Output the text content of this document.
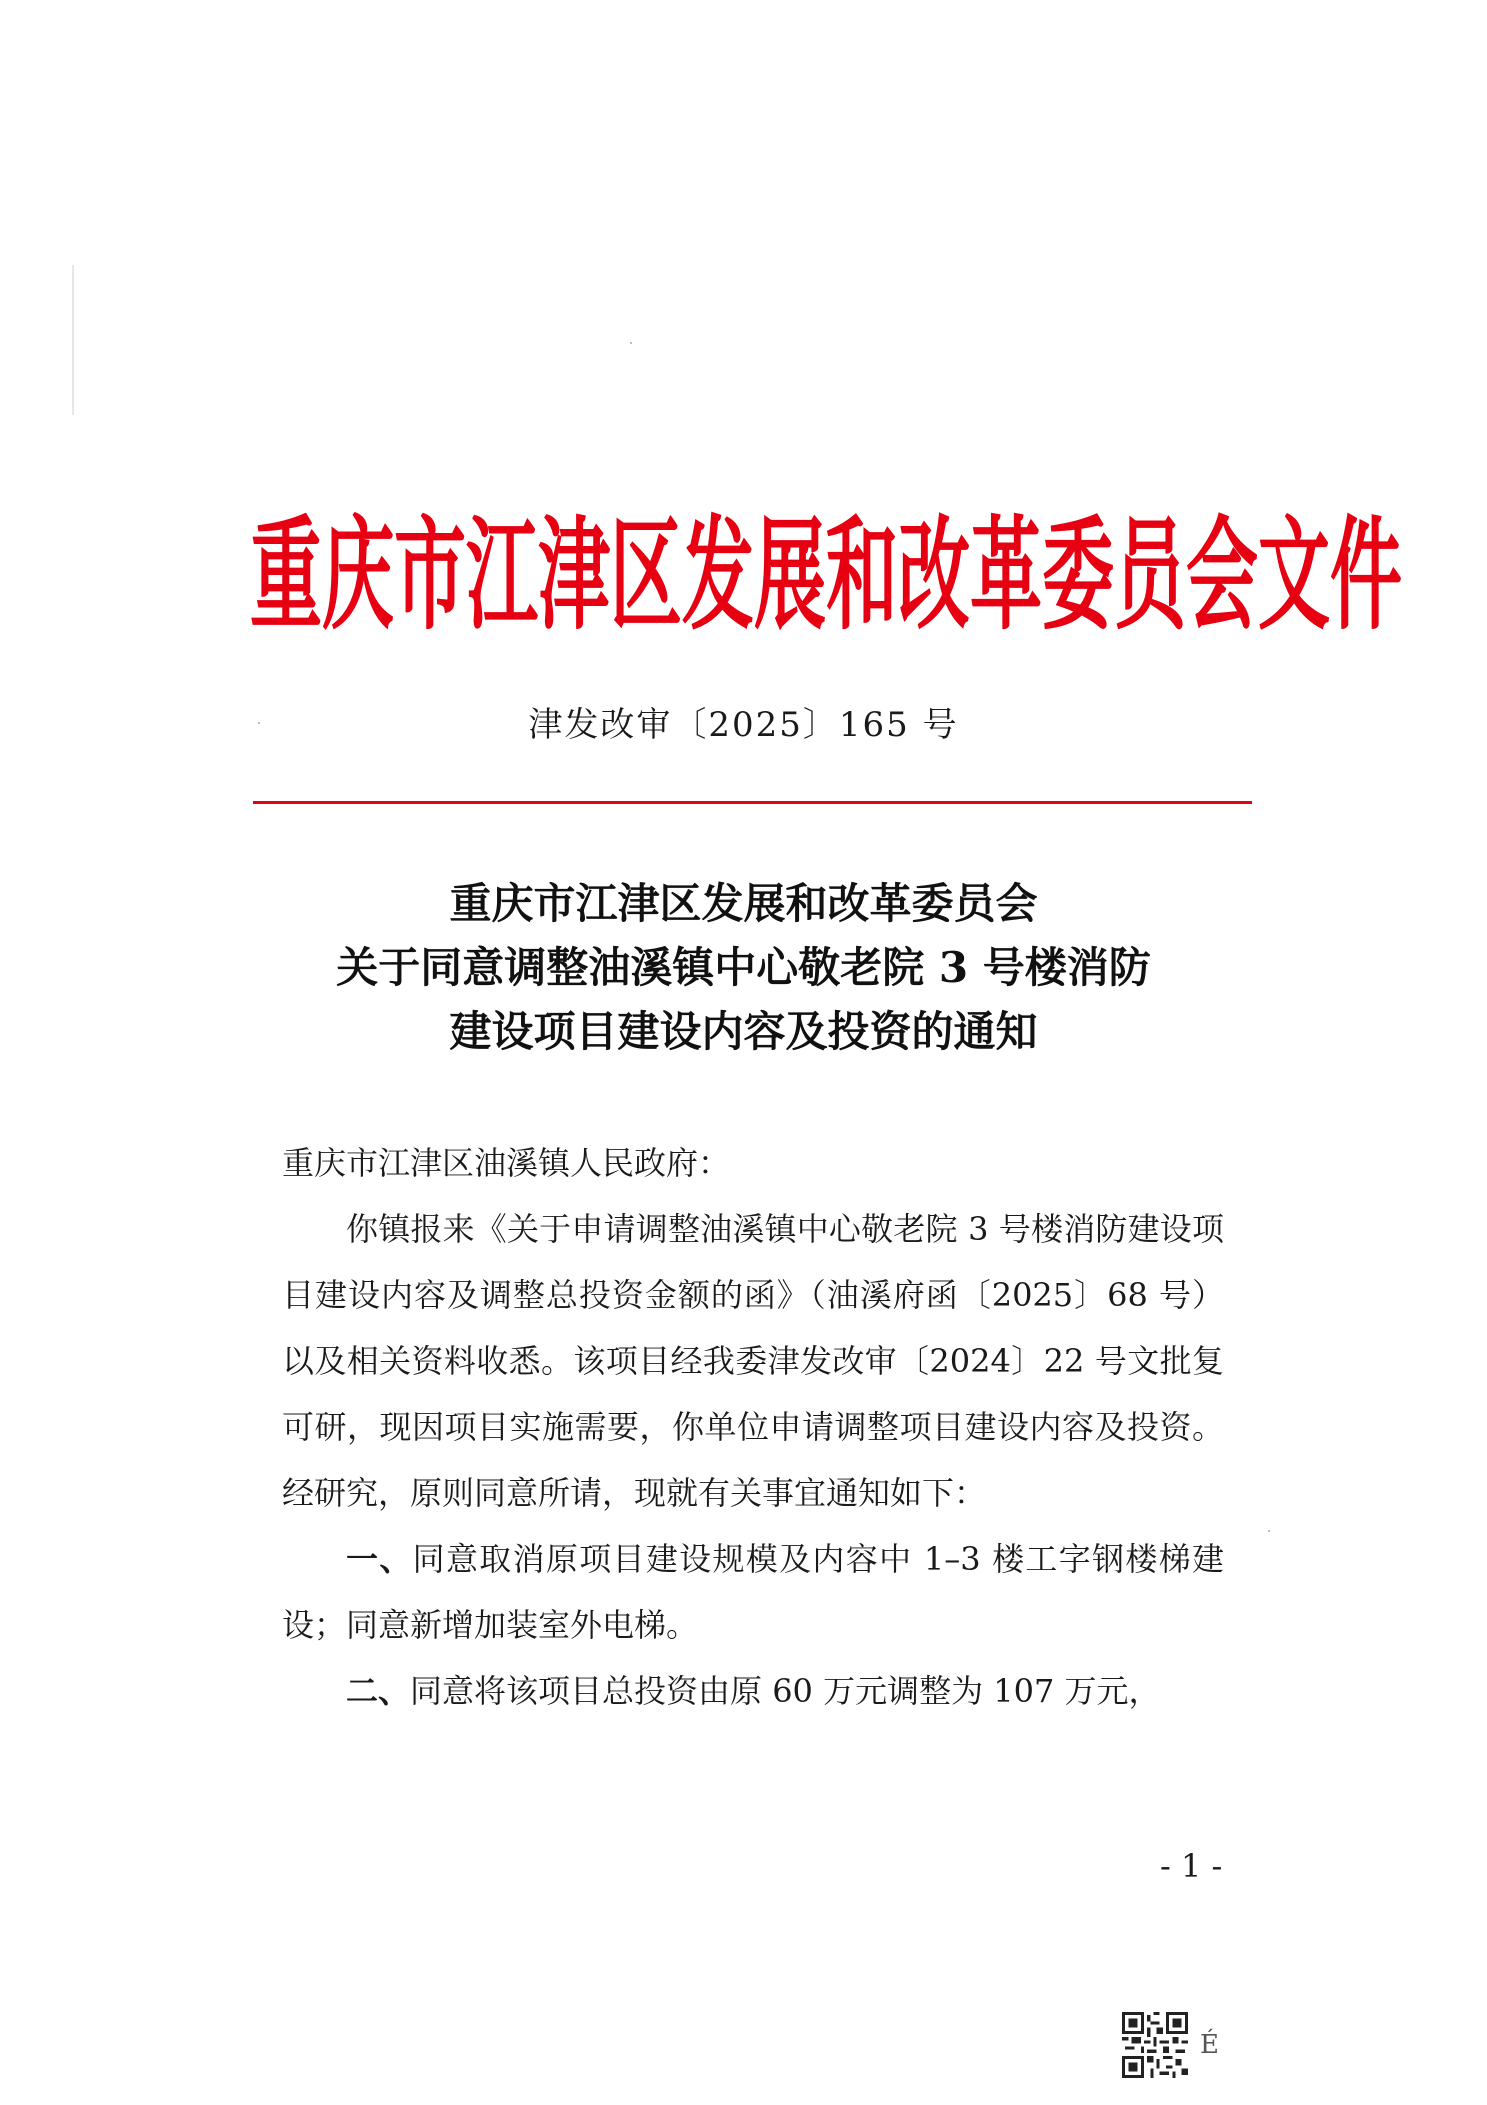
重庆市江津区发展和改革委员会文件
津发改审〔2025〕165 号
重庆市江津区发展和改革委员会
关于同意调整油溪镇中心敬老院 3 号楼消防
建设项目建设内容及投资的通知
重庆市江津区油溪镇人民政府：

你镇报来《关于申请调整油溪镇中心敬老院 3 号楼消防建设项目建设内容及调整总投资金额的函》（油溪府函〔2025〕68 号）以及相关资料收悉。该项目经我委津发改审〔2024〕22 号文批复可研，现因项目实施需要，你单位申请调整项目建设内容及投资。经研究，原则同意所请，现就有关事宜通知如下：

一、同意取消原项目建设规模及内容中 1–3 楼工字钢楼梯建设；同意新增加装室外电梯。

二、同意将该项目总投资由原 60 万元调整为 107 万元，

- 1 -
É
